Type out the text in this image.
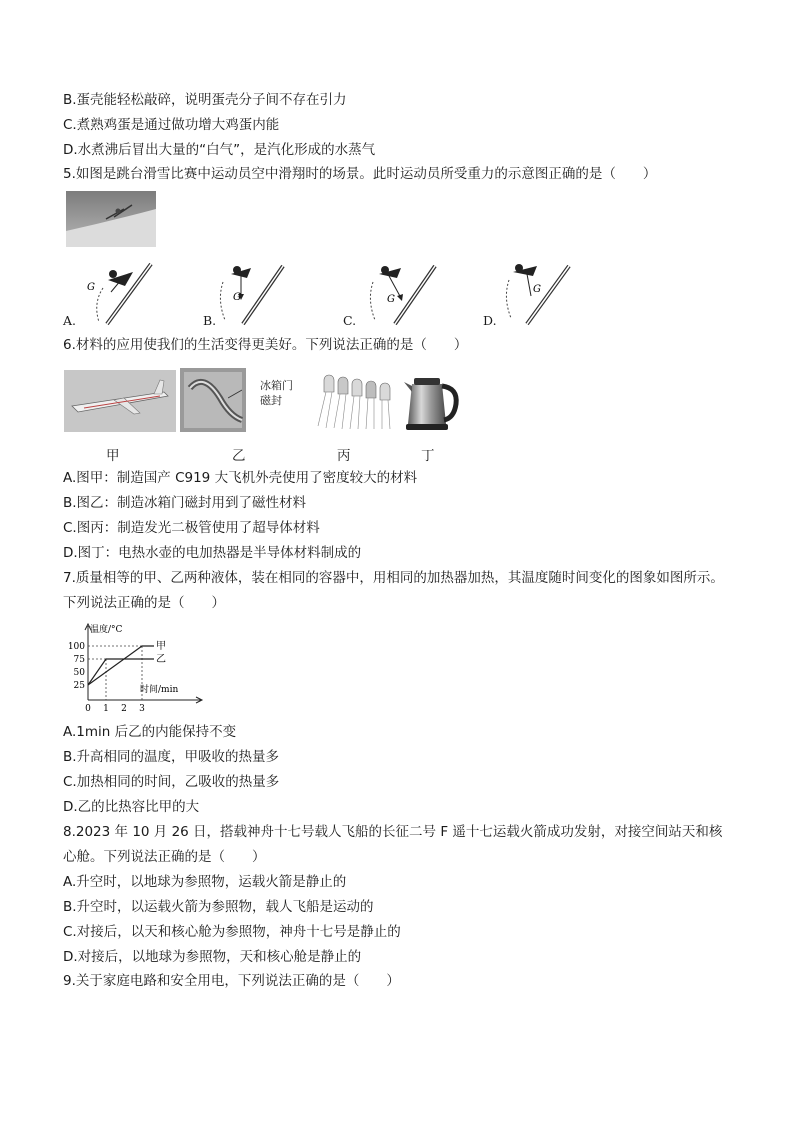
B.蛋壳能轻松敲碎，说明蛋壳分子间不存在引力
C.煮熟鸡蛋是通过做功增大鸡蛋内能
D.水煮沸后冒出大量的“白气”，是汽化形成的水蒸气
5.如图是跳台滑雪比赛中运动员空中滑翔时的场景。此时运动员所受重力的示意图正确的是（　　）
G
A.
G
B.
G
C.
G
D.
6.材料的应用使我们的生活变得更美好。下列说法正确的是（　　）
冰箱门
磁封
甲	乙	丙	丁
A.图甲：制造国产 C919 大飞机外壳使用了密度较大的材料
B.图乙：制造冰箱门磁封用到了磁性材料
C.图丙：制造发光二极管使用了超导体材料
D.图丁：电热水壶的电加热器是半导体材料制成的
7.质量相等的甲、乙两种液体，装在相同的容器中，用相同的加热器加热，其温度随时间变化的图象如图所示。
下列说法正确的是（　　）
温度/°C
时间/min
100
75
50
25
0 1 2 3
甲
乙
A.1min 后乙的内能保持不变
B.升高相同的温度，甲吸收的热量多
C.加热相同的时间，乙吸收的热量多
D.乙的比热容比甲的大
8.2023 年 10 月 26 日，搭载神舟十七号载人飞船的长征二号 F 遥十七运载火箭成功发射，对接空间站天和核
心舱。下列说法正确的是（　　）
A.升空时，以地球为参照物，运载火箭是静止的
B.升空时，以运载火箭为参照物，载人飞船是运动的
C.对接后，以天和核心舱为参照物，神舟十七号是静止的
D.对接后，以地球为参照物，天和核心舱是静止的
9.关于家庭电路和安全用电，下列说法正确的是（　　）
